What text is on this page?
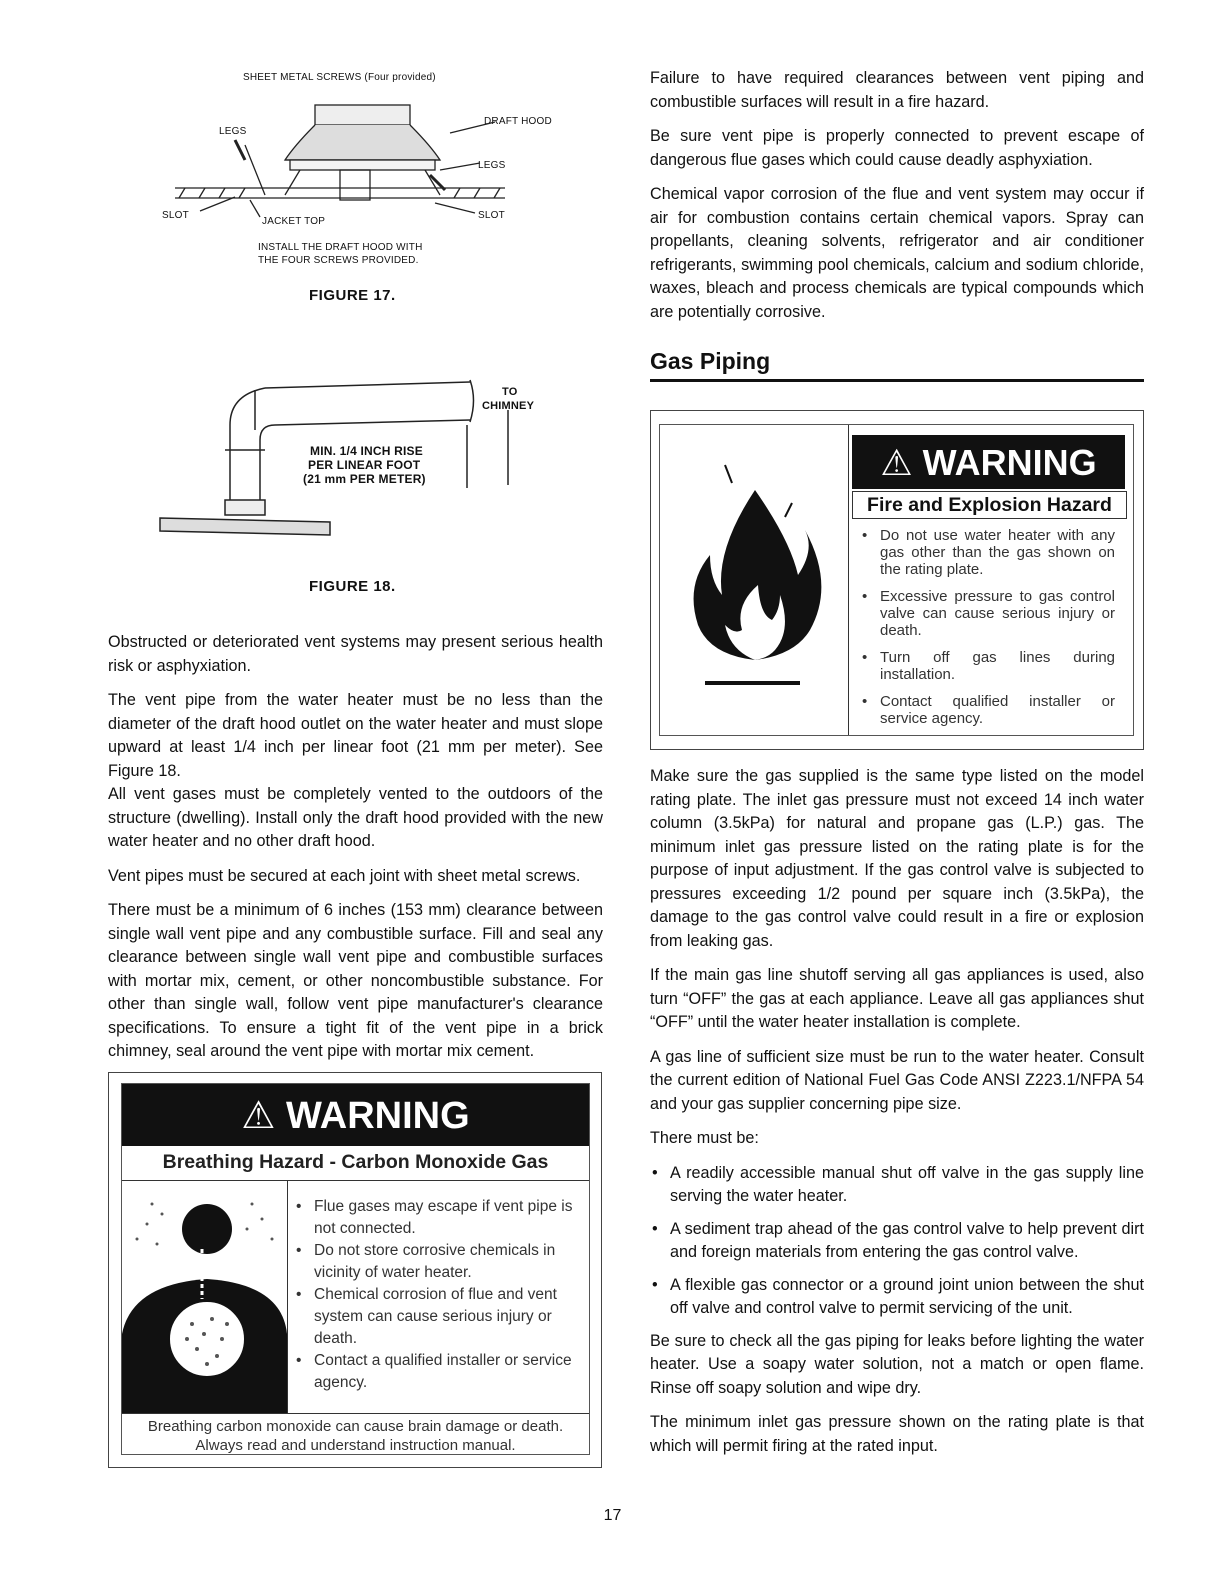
SHEET METAL SCREWS (Four provided)
DRAFT HOOD
LEGS
LEGS
SLOT	SLOT
JACKET TOP
INSTALL THE DRAFT HOOD WITH
THE FOUR SCREWS PROVIDED.
FIGURE 17.
TO
CHIMNEY
MIN. 1/4 INCH RISE
PER LINEAR FOOT
(21 mm PER METER)
FIGURE 18.

Obstructed or deteriorated vent systems may present serious health risk or asphyxiation.

The vent pipe from the water heater must be no less than the diameter of the draft hood outlet on the water heater and must slope upward at least 1/4 inch per linear foot (21 mm per meter). See Figure 18.

All vent gases must be completely vented to the outdoors of the structure (dwelling). Install only the draft hood provided with the new water heater and no other draft hood.

Vent pipes must be secured at each joint with sheet metal screws.

There must be a minimum of 6 inches (153 mm) clearance between single wall vent pipe and any combustible surface. Fill and seal any clearance between single wall vent pipe and combustible surfaces with mortar mix, cement, or other noncombustible substance. For other than single wall, follow vent pipe manufacturer's clearance specifications. To ensure a tight fit of the vent pipe in a brick chimney, seal around the vent pipe with mortar mix cement.

⚠ WARNING
Breathing Hazard - Carbon Monoxide Gas
• Flue gases may escape if vent pipe is not connected.
• Do not store corrosive chemicals in vicinity of water heater.
• Chemical corrosion of flue and vent system can cause serious injury or death.
• Contact a qualified installer or service agency.
Breathing carbon monoxide can cause brain damage or death. Always read and understand instruction manual.

Failure to have required clearances between vent piping and combustible surfaces will result in a fire hazard.

Be sure vent pipe is properly connected to prevent escape of dangerous flue gases which could cause deadly asphyxiation.

Chemical vapor corrosion of the flue and vent system may occur if air for combustion contains certain chemical vapors. Spray can propellants, cleaning solvents, refrigerator and air conditioner refrigerants, swimming pool chemicals, calcium and sodium chloride, waxes, bleach and process chemicals are typical compounds which are potentially corrosive.

Gas Piping
⚠ WARNING
Fire and Explosion Hazard
• Do not use water heater with any gas other than the gas shown on the rating plate.
• Excessive pressure to gas control valve can cause serious injury or death.
• Turn off gas lines during installation.
• Contact qualified installer or service agency.

Make sure the gas supplied is the same type listed on the model rating plate. The inlet gas pressure must not exceed 14 inch water column (3.5kPa) for natural and propane gas (L.P.) gas. The minimum inlet gas pressure listed on the rating plate is for the purpose of input adjustment. If the gas control valve is subjected to pressures exceeding 1/2 pound per square inch (3.5kPa), the damage to the gas control valve could result in a fire or explosion from leaking gas.

If the main gas line shutoff serving all gas appliances is used, also turn “OFF” the gas at each appliance. Leave all gas appliances shut “OFF” until the water heater installation is complete.

A gas line of sufficient size must be run to the water heater. Consult the current edition of National Fuel Gas Code ANSI Z223.1/NFPA 54 and your gas supplier concerning pipe size.

There must be:

• A readily accessible manual shut off valve in the gas supply line serving the water heater.
• A sediment trap ahead of the gas control valve to help prevent dirt and foreign materials from entering the gas control valve.
• A flexible gas connector or a ground joint union between the shut off valve and control valve to permit servicing of the unit.

Be sure to check all the gas piping for leaks before lighting the water heater. Use a soapy water solution, not a match or open flame. Rinse off soapy solution and wipe dry.

The minimum inlet gas pressure shown on the rating plate is that which will permit firing at the rated input.

17
